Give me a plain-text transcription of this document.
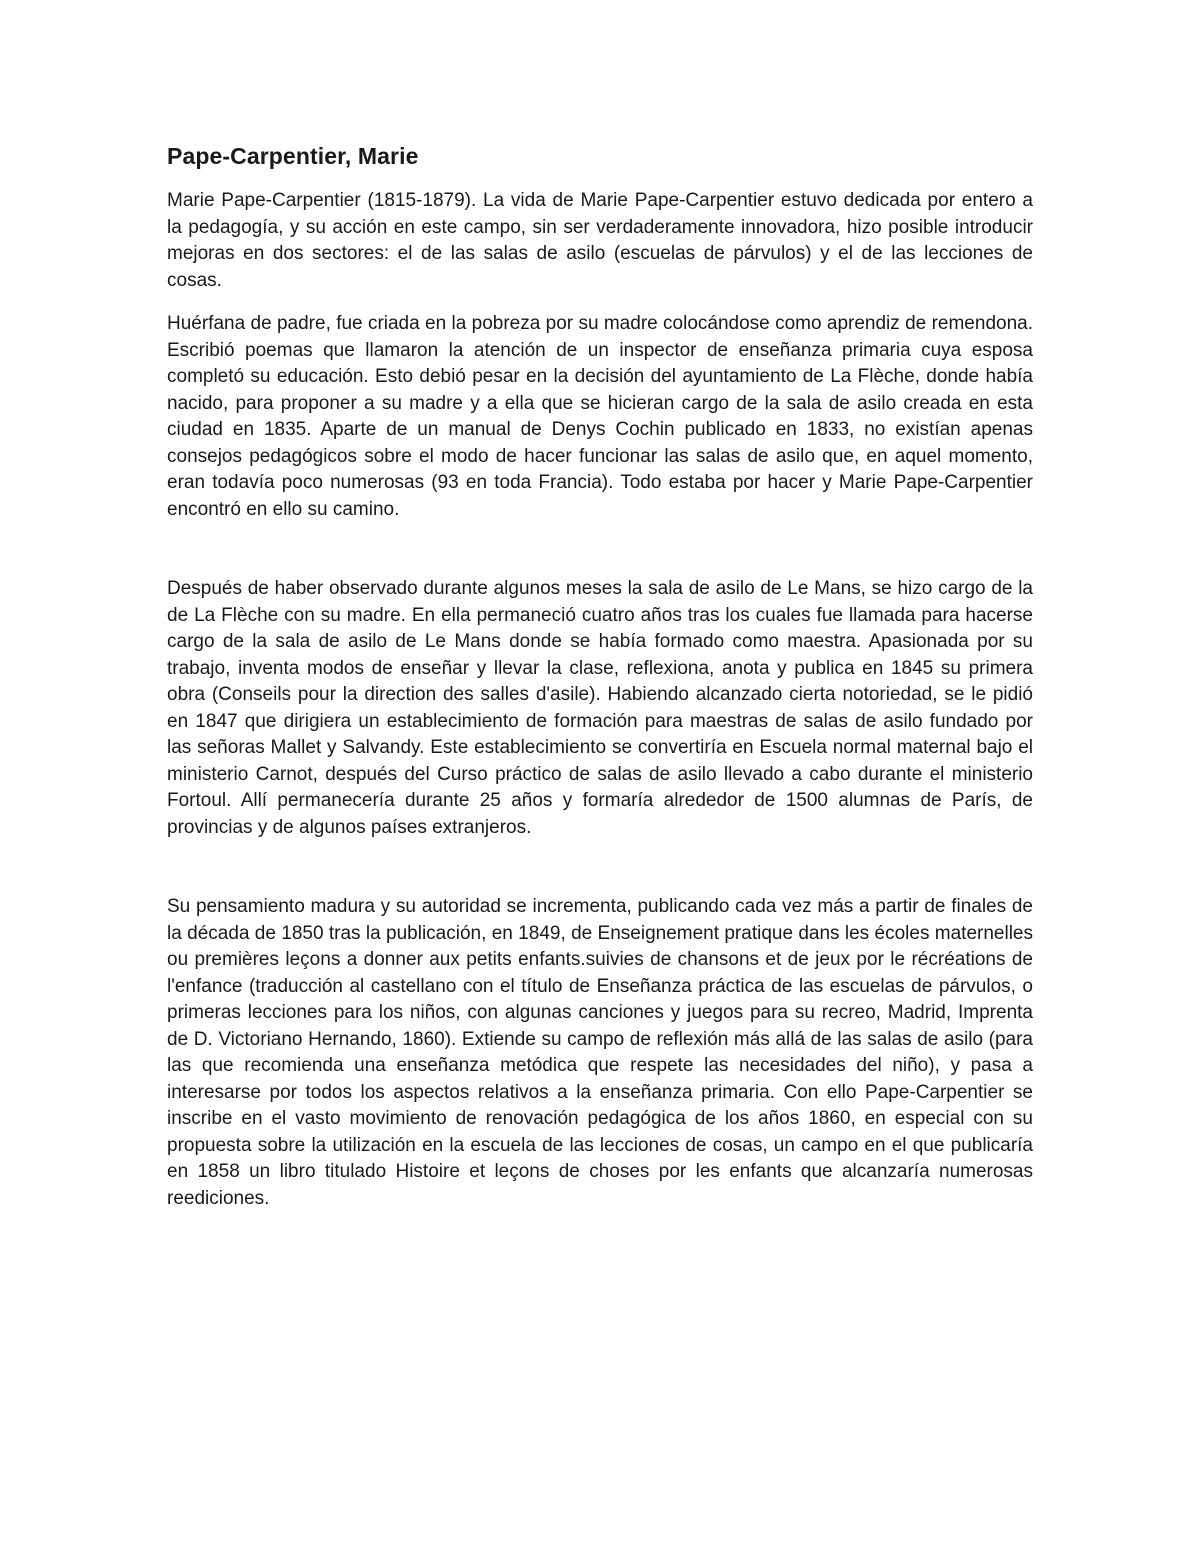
Pape-Carpentier, Marie

Marie Pape-Carpentier (1815-1879). La vida de Marie Pape-Carpentier estuvo dedicada por entero a la pedagogía, y su acción en este campo, sin ser verdaderamente innovadora, hizo posible introducir mejoras en dos sectores: el de las salas de asilo (escuelas de párvulos) y el de las lecciones de cosas.

Huérfana de padre, fue criada en la pobreza por su madre colocándose como aprendiz de remendona. Escribió poemas que llamaron la atención de un inspector de enseñanza primaria cuya esposa completó su educación. Esto debió pesar en la decisión del ayuntamiento de La Flèche, donde había nacido, para proponer a su madre y a ella que se hicieran cargo de la sala de asilo creada en esta ciudad en 1835. Aparte de un manual de Denys Cochin publicado en 1833, no existían apenas consejos pedagógicos sobre el modo de hacer funcionar las salas de asilo que, en aquel momento, eran todavía poco numerosas (93 en toda Francia). Todo estaba por hacer y Marie Pape-Carpentier encontró en ello su camino.

Después de haber observado durante algunos meses la sala de asilo de Le Mans, se hizo cargo de la de La Flèche con su madre. En ella permaneció cuatro años tras los cuales fue llamada para hacerse cargo de la sala de asilo de Le Mans donde se había formado como maestra. Apasionada por su trabajo, inventa modos de enseñar y llevar la clase, reflexiona, anota y publica en 1845 su primera obra (Conseils pour la direction des salles d'asile). Habiendo alcanzado cierta notoriedad, se le pidió en 1847 que dirigiera un establecimiento de formación para maestras de salas de asilo fundado por las señoras Mallet y Salvandy. Este establecimiento se convertiría en Escuela normal maternal bajo el ministerio Carnot, después del Curso práctico de salas de asilo llevado a cabo durante el ministerio Fortoul. Allí permanecería durante 25 años y formaría alrededor de 1500 alumnas de París, de provincias y de algunos países extranjeros.

Su pensamiento madura y su autoridad se incrementa, publicando cada vez más a partir de finales de la década de 1850 tras la publicación, en 1849, de Enseignement pratique dans les écoles maternelles ou premières leçons a donner aux petits enfants.suivies de chansons et de jeux por le récréations de l'enfance (traducción al castellano con el título de Enseñanza práctica de las escuelas de párvulos, o primeras lecciones para los niños, con algunas canciones y juegos para su recreo, Madrid, Imprenta de D. Victoriano Hernando, 1860). Extiende su campo de reflexión más allá de las salas de asilo (para las que recomienda una enseñanza metódica que respete las necesidades del niño), y pasa a interesarse por todos los aspectos relativos a la enseñanza primaria. Con ello Pape-Carpentier se inscribe en el vasto movimiento de renovación pedagógica de los años 1860, en especial con su propuesta sobre la utilización en la escuela de las lecciones de cosas, un campo en el que publicaría en 1858 un libro titulado Histoire et leçons de choses por les enfants que alcanzaría numerosas reediciones.
